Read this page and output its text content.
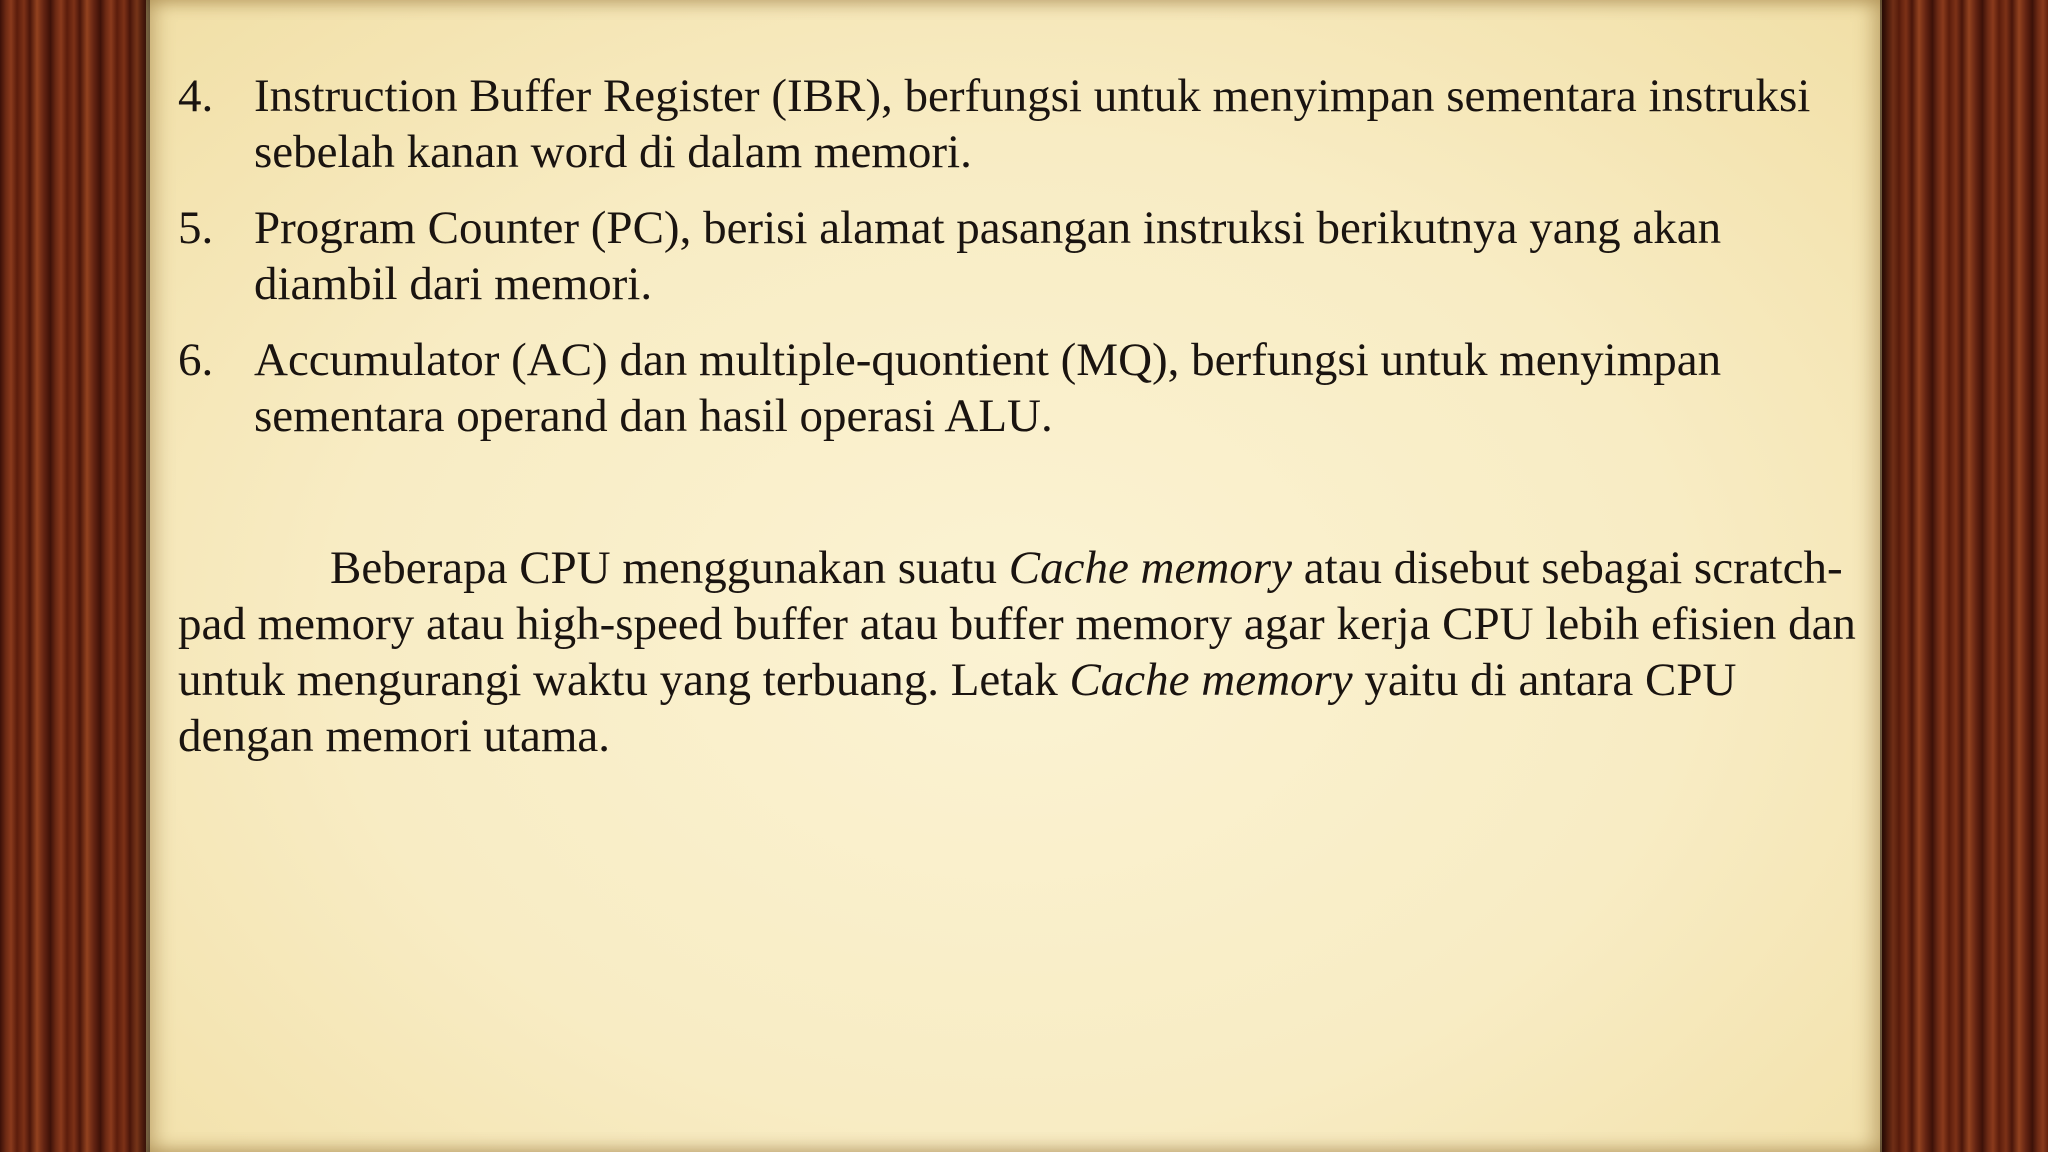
4. Instruction Buffer Register (IBR), berfungsi untuk menyimpan sementara instruksi sebelah kanan word di dalam memori.
5. Program Counter (PC), berisi alamat pasangan instruksi berikutnya yang akan diambil dari memori.
6. Accumulator (AC) dan multiple-quontient (MQ), berfungsi untuk menyimpan sementara operand dan hasil operasi ALU.
Beberapa CPU menggunakan suatu Cache memory atau disebut sebagai scratch-pad memory atau high-speed buffer atau buffer memory agar kerja CPU lebih efisien dan untuk mengurangi waktu yang terbuang. Letak Cache memory yaitu di antara CPU dengan memori utama.
